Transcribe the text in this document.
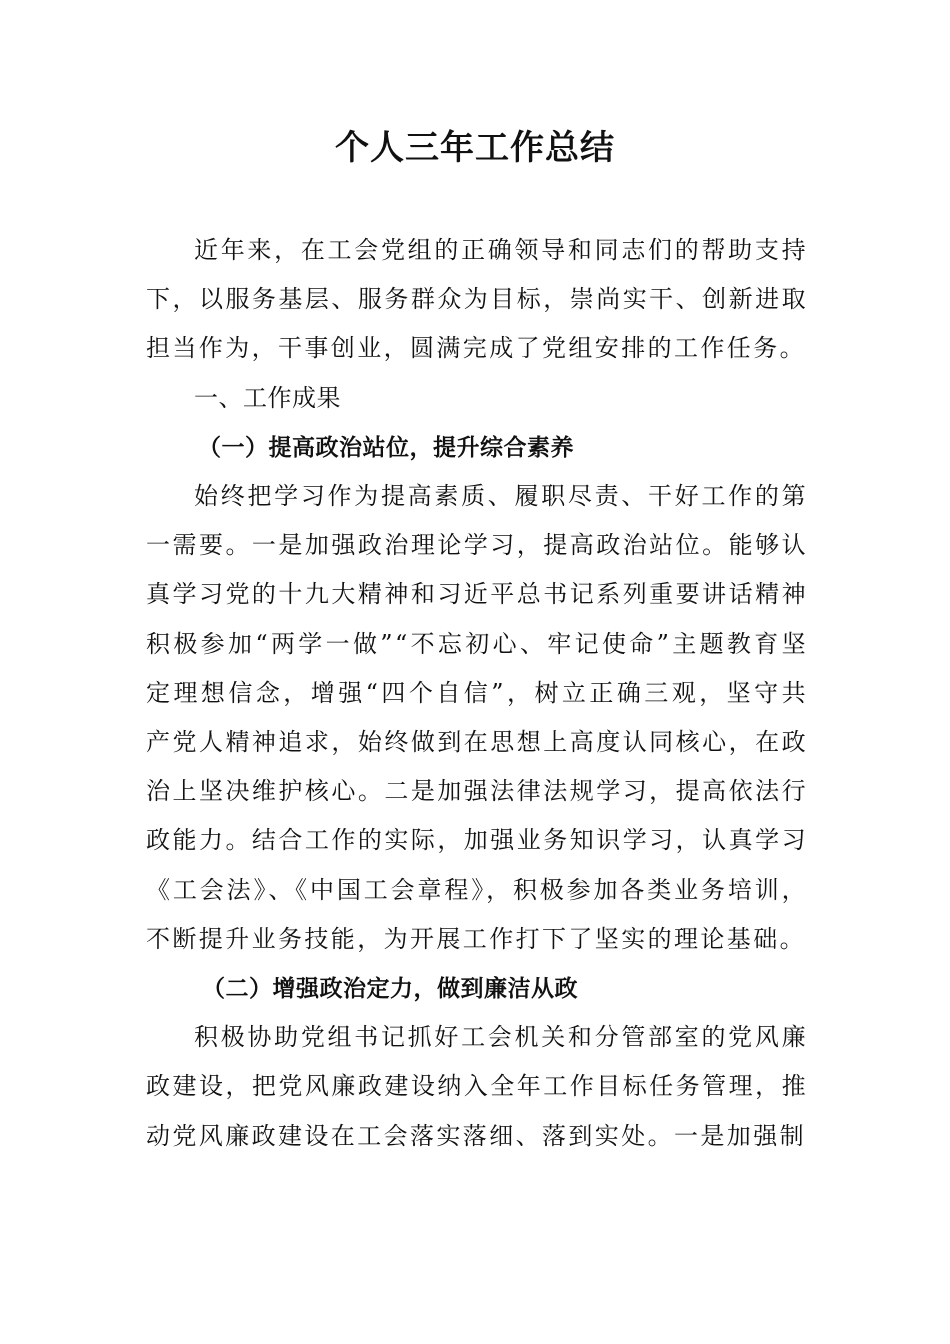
个人三年工作总结

近年来，在工会党组的正确领导和同志们的帮助支持下，以服务基层、服务群众为目标，崇尚实干、创新进取担当作为，干事创业，圆满完成了党组安排的工作任务。

一、工作成果

（一）提高政治站位，提升综合素养

始终把学习作为提高素质、履职尽责、干好工作的第一需要。一是加强政治理论学习，提高政治站位。能够认真学习党的十九大精神和习近平总书记系列重要讲话精神积极参加“两学一做”“不忘初心、牢记使命”主题教育坚定理想信念，增强“四个自信”，树立正确三观，坚守共产党人精神追求，始终做到在思想上高度认同核心，在政治上坚决维护核心。二是加强法律法规学习，提高依法行政能力。结合工作的实际，加强业务知识学习，认真学习《工会法》、《中国工会章程》，积极参加各类业务培训，不断提升业务技能，为开展工作打下了坚实的理论基础。

（二）增强政治定力，做到廉洁从政

积极协助党组书记抓好工会机关和分管部室的党风廉政建设，把党风廉政建设纳入全年工作目标任务管理，推动党风廉政建设在工会落实落细、落到实处。一是加强制
